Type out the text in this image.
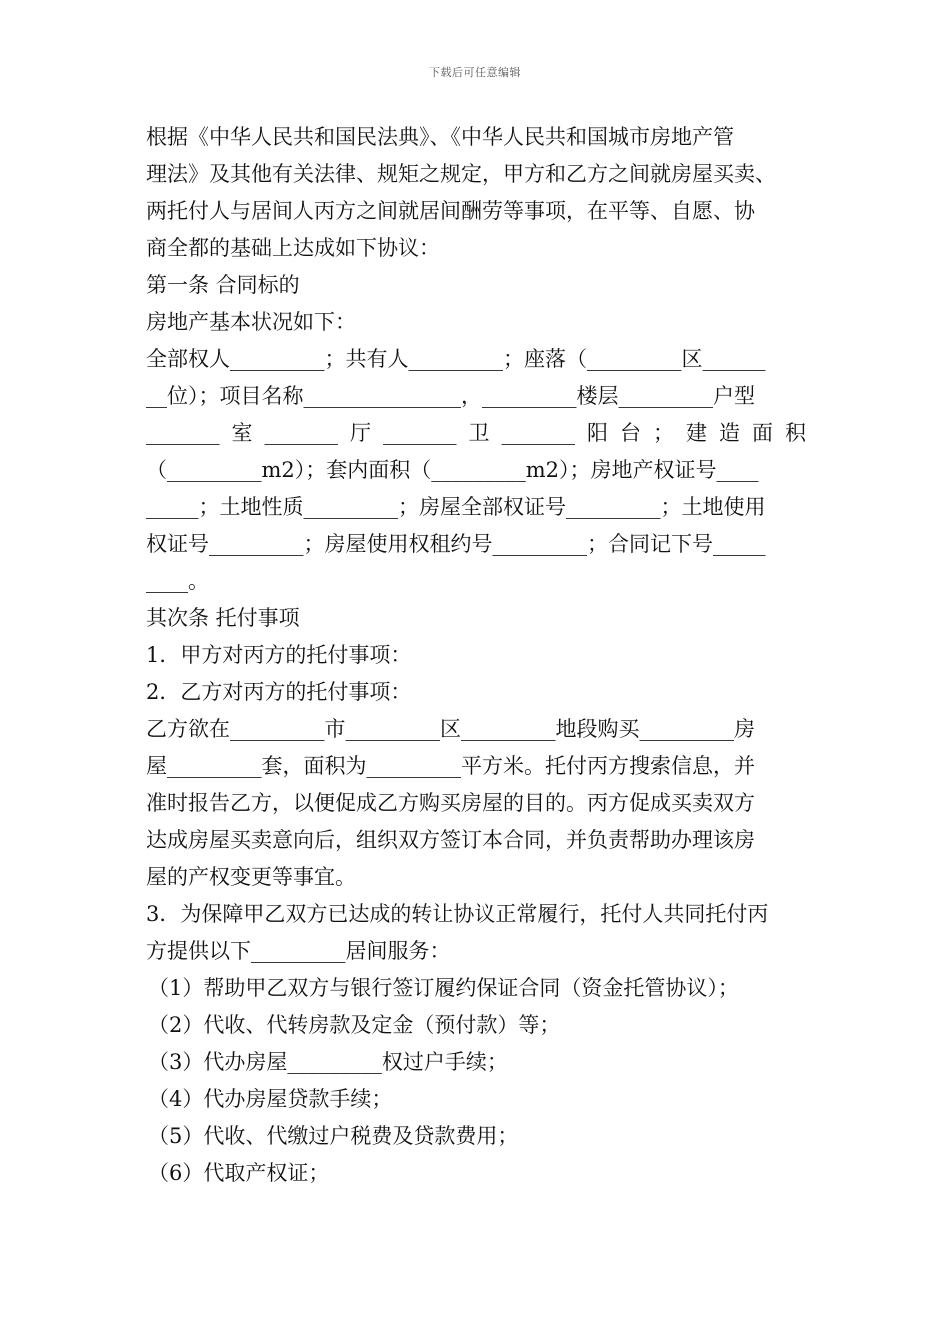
下载后可任意编辑
根据《中华人民共和国民法典》、《中华人民共和国城市房地产管
理法》及其他有关法律、规矩之规定，甲方和乙方之间就房屋买卖、
两托付人与居间人丙方之间就居间酬劳等事项，在平等、自愿、协
商全都的基础上达成如下协议：
第一条 合同标的
房地产基本状况如下：
全部权人_________；共有人_________；座落（_________区______
__位）；项目名称_______________，_________楼层_________户型
_______ 室 _______ 厅 _______ 卫 _______ 阳 台 ； 建 造 面 积
（_________m2）；套内面积（_________m2）；房地产权证号____
_____；土地性质_________；房屋全部权证号_________；土地使用
权证号_________；房屋使用权租约号_________；合同记下号_____
____。
其次条 托付事项
1．甲方对丙方的托付事项：
2．乙方对丙方的托付事项：
乙方欲在_________市_________区_________地段购买_________房
屋_________套，面积为_________平方米。托付丙方搜索信息，并
准时报告乙方，以便促成乙方购买房屋的目的。丙方促成买卖双方
达成房屋买卖意向后，组织双方签订本合同，并负责帮助办理该房
屋的产权变更等事宜。
3．为保障甲乙双方已达成的转让协议正常履行，托付人共同托付丙
方提供以下_________居间服务：
（1）帮助甲乙双方与银行签订履约保证合同（资金托管协议）；
（2）代收、代转房款及定金（预付款）等；
（3）代办房屋_________权过户手续；
（4）代办房屋贷款手续；
（5）代收、代缴过户税费及贷款费用；
（6）代取产权证；
